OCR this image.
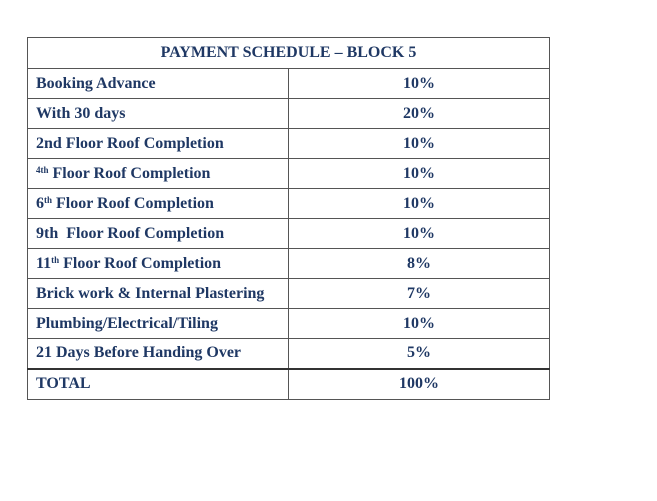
PAYMENT SCHEDULE – BLOCK 5	
Booking Advance	10%
With 30 days	20%
2nd Floor Roof Completion	10%
$^{4th}$ Floor Roof Completion	10%
6th Floor Roof Completion	10%
9th  Floor Roof Completion	10%
11th Floor Roof Completion	8%
Brick work & Internal Plastering	7%
Plumbing/Electrical/Tiling	10%
21 Days Before Handing Over	5%
TOTAL	100%
